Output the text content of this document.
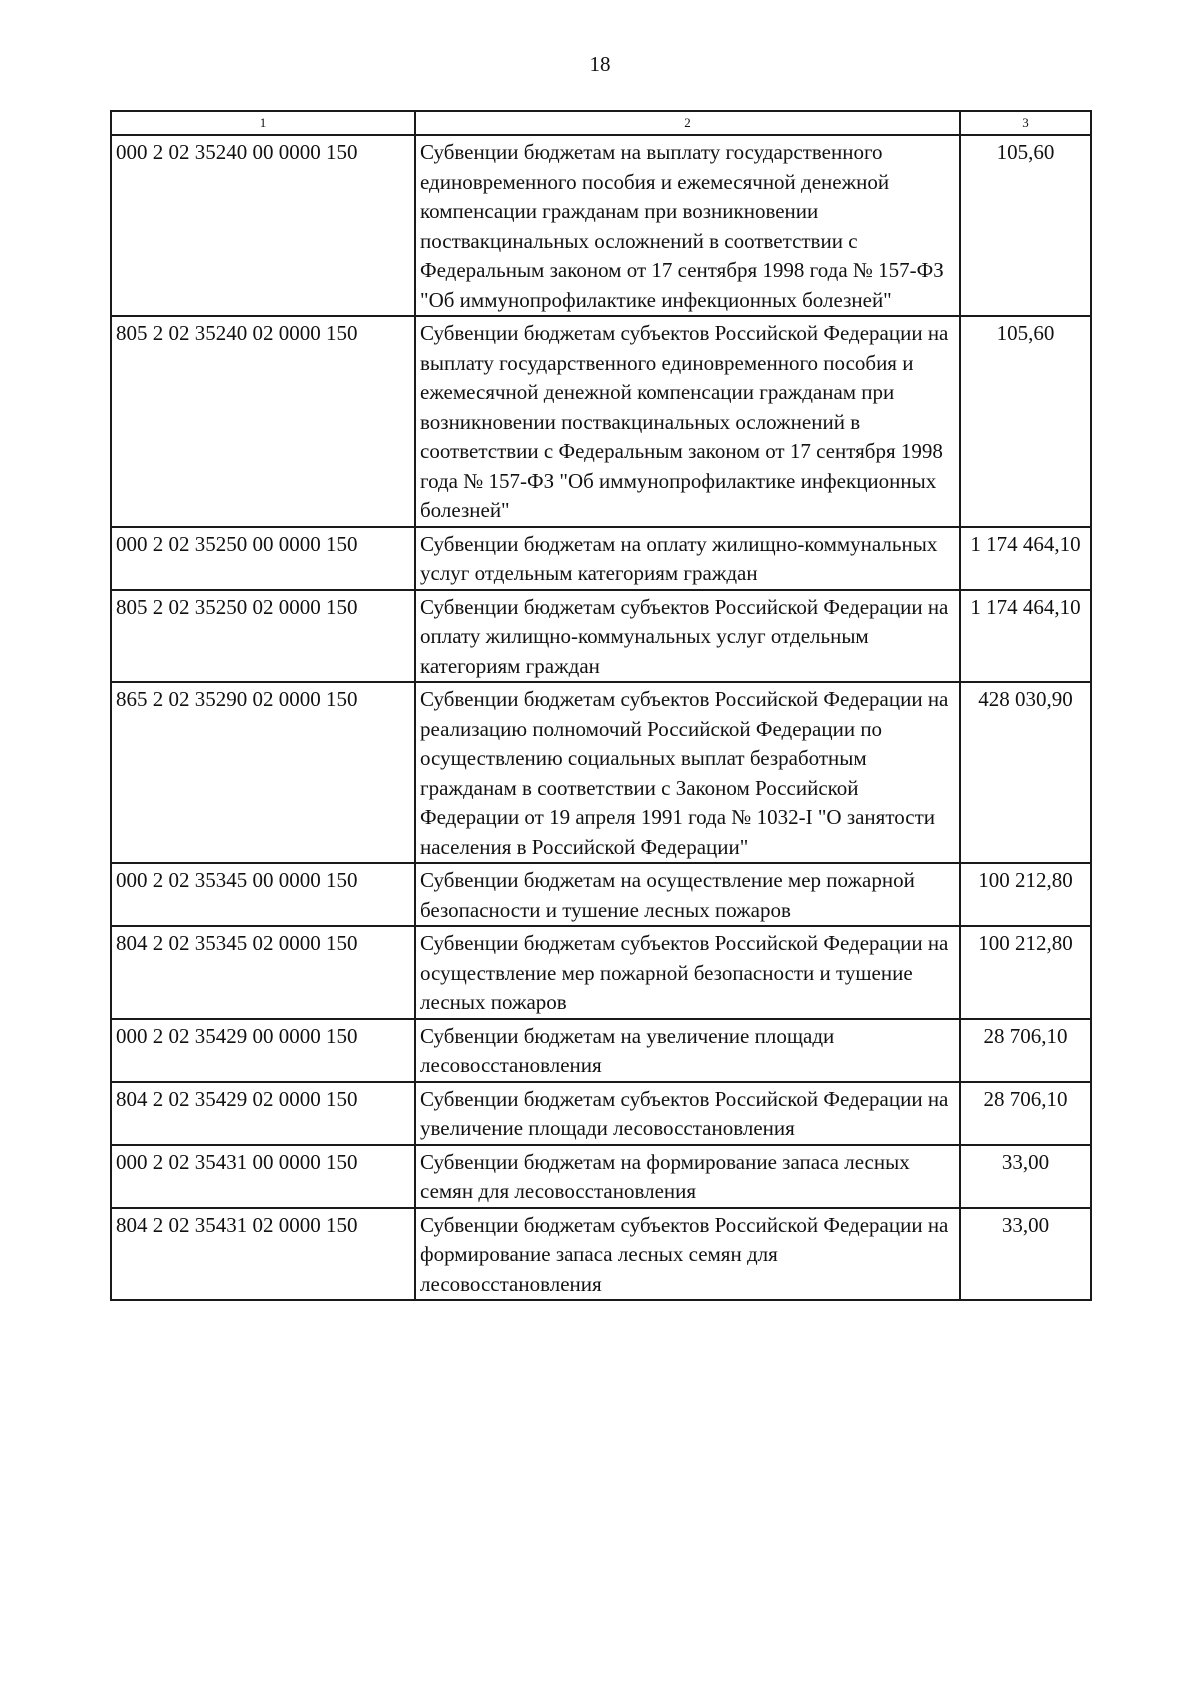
18
1	2	3
000 2 02 35240 00 0000 150	Субвенции бюджетам на выплату государственного единовременного пособия и ежемесячной денежной компенсации гражданам при возникновении поствакцинальных осложнений в соответствии с Федеральным законом от 17 сентября 1998 года № 157-ФЗ "Об иммунопрофилактике инфекционных болезней"	105,60
805 2 02 35240 02 0000 150	Субвенции бюджетам субъектов Российской Федерации на выплату государственного единовременного пособия и ежемесячной денежной компенсации гражданам при возникновении поствакцинальных осложнений в соответствии с Федеральным законом от 17 сентября 1998 года № 157-ФЗ "Об иммунопрофилактике инфекционных болезней"	105,60
000 2 02 35250 00 0000 150	Субвенции бюджетам на оплату жилищно-коммунальных услуг отдельным категориям граждан	1 174 464,10
805 2 02 35250 02 0000 150	Субвенции бюджетам субъектов Российской Федерации на оплату жилищно-коммунальных услуг отдельным категориям граждан	1 174 464,10
865 2 02 35290 02 0000 150	Субвенции бюджетам субъектов Российской Федерации на реализацию полномочий Российской Федерации по осуществлению социальных выплат безработным гражданам в соответствии с Законом Российской Федерации от 19 апреля 1991 года № 1032-I "О занятости населения в Российской Федерации"	428 030,90
000 2 02 35345 00 0000 150	Субвенции бюджетам на осуществление мер пожарной безопасности и тушение лесных пожаров	100 212,80
804 2 02 35345 02 0000 150	Субвенции бюджетам субъектов Российской Федерации на осуществление мер пожарной безопасности и тушение лесных пожаров	100 212,80
000 2 02 35429 00 0000 150	Субвенции бюджетам на увеличение площади лесовосстановления	28 706,10
804 2 02 35429 02 0000 150	Субвенции бюджетам субъектов Российской Федерации на увеличение площади лесовосстановления	28 706,10
000 2 02 35431 00 0000 150	Субвенции бюджетам на формирование запаса лесных семян для лесовосстановления	33,00
804 2 02 35431 02 0000 150	Субвенции бюджетам субъектов Российской Федерации на формирование запаса лесных семян для лесовосстановления	33,00
